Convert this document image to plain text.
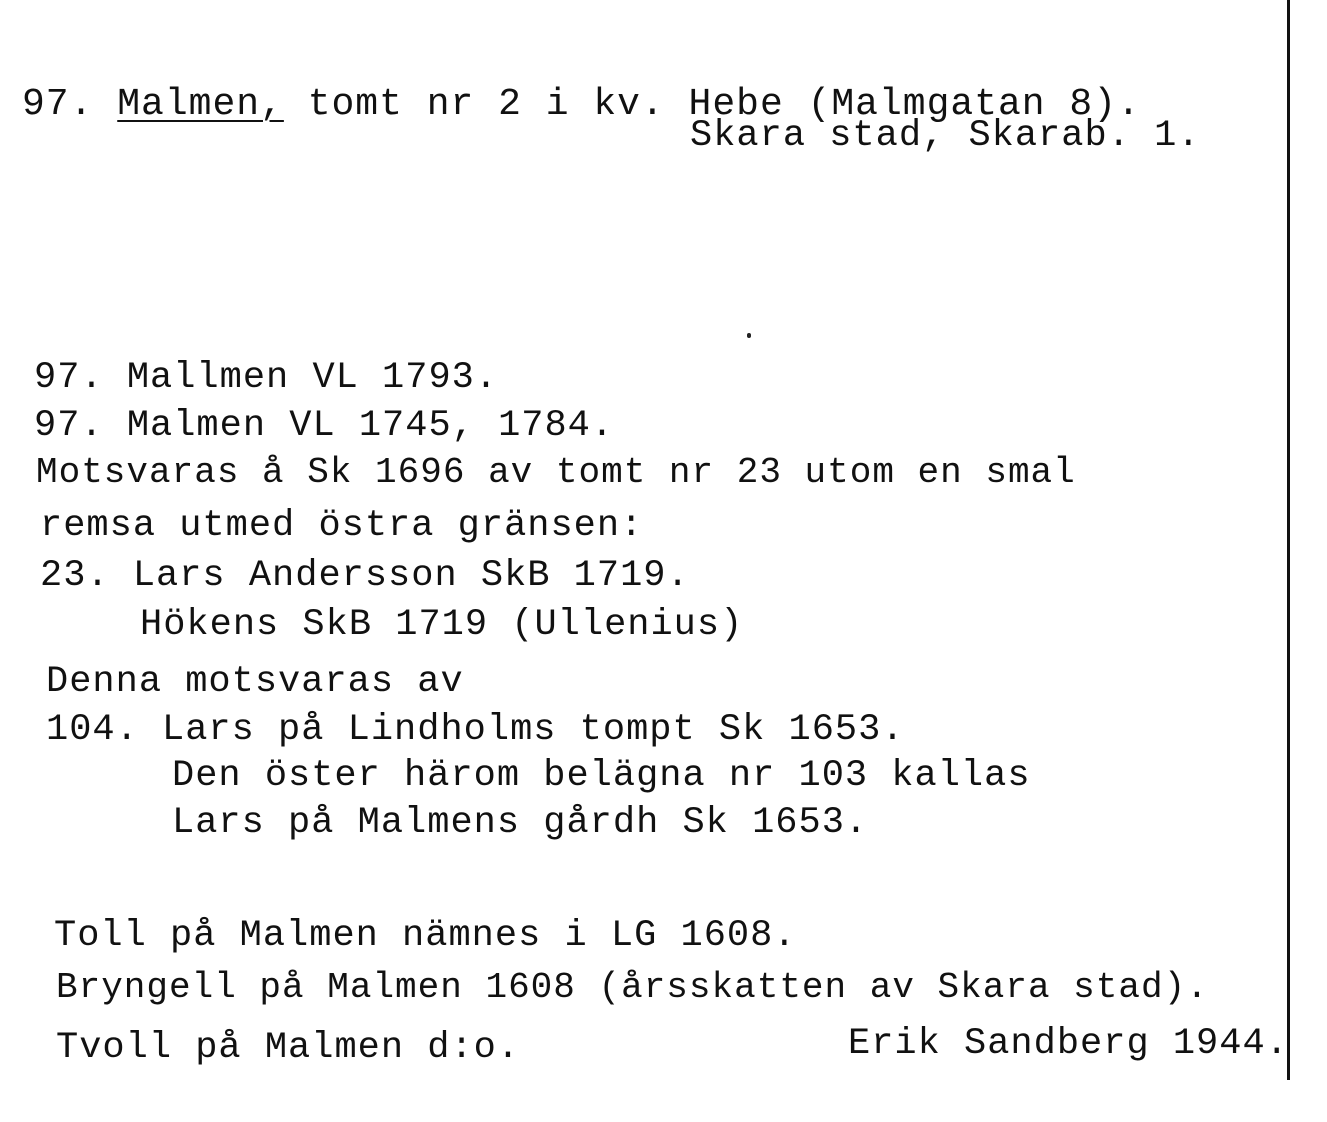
97. Malmen, tomt nr 2 i kv. Hebe (Malmgatan 8).
Skara stad, Skarab. 1.
97. Mallmen VL 1793.
97. Malmen VL 1745, 1784.
Motsvaras å Sk 1696 av tomt nr 23 utom en smal
remsa utmed östra gränsen:
23. Lars Andersson SkB 1719.
Hökens SkB 1719 (Ullenius)
Denna motsvaras av
104. Lars på Lindholms tompt Sk 1653.
Den öster härom belägna nr 103 kallas
Lars på Malmens gårdh Sk 1653.
Toll på Malmen nämnes i LG 1608.
Bryngell på Malmen 1608 (årsskatten av Skara stad).
Tvoll på Malmen d:o.	Erik Sandberg 1944.
